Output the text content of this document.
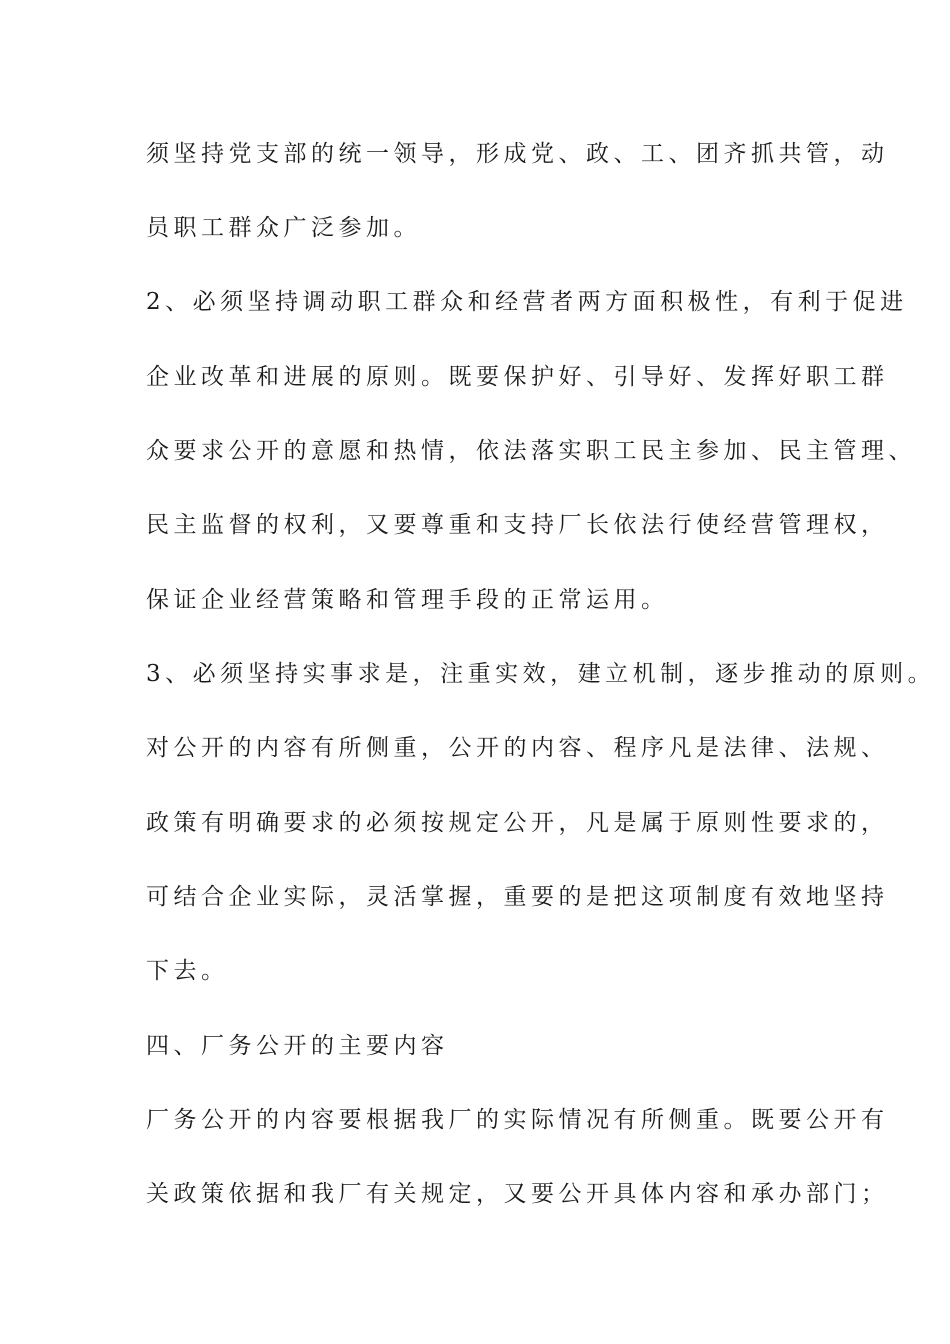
须坚持党支部的统一领导，形成党、政、工、团齐抓共管，动
员职工群众广泛参加。
2、必须坚持调动职工群众和经营者两方面积极性，有利于促进
企业改革和进展的原则。既要保护好、引导好、发挥好职工群
众要求公开的意愿和热情，依法落实职工民主参加、民主管理、
民主监督的权利，又要尊重和支持厂长依法行使经营管理权，
保证企业经营策略和管理手段的正常运用。
3、必须坚持实事求是，注重实效，建立机制，逐步推动的原则。
对公开的内容有所侧重，公开的内容、程序凡是法律、法规、
政策有明确要求的必须按规定公开，凡是属于原则性要求的，
可结合企业实际，灵活掌握，重要的是把这项制度有效地坚持
下去。
四、厂务公开的主要内容
厂务公开的内容要根据我厂的实际情况有所侧重。既要公开有
关政策依据和我厂有关规定，又要公开具体内容和承办部门；
